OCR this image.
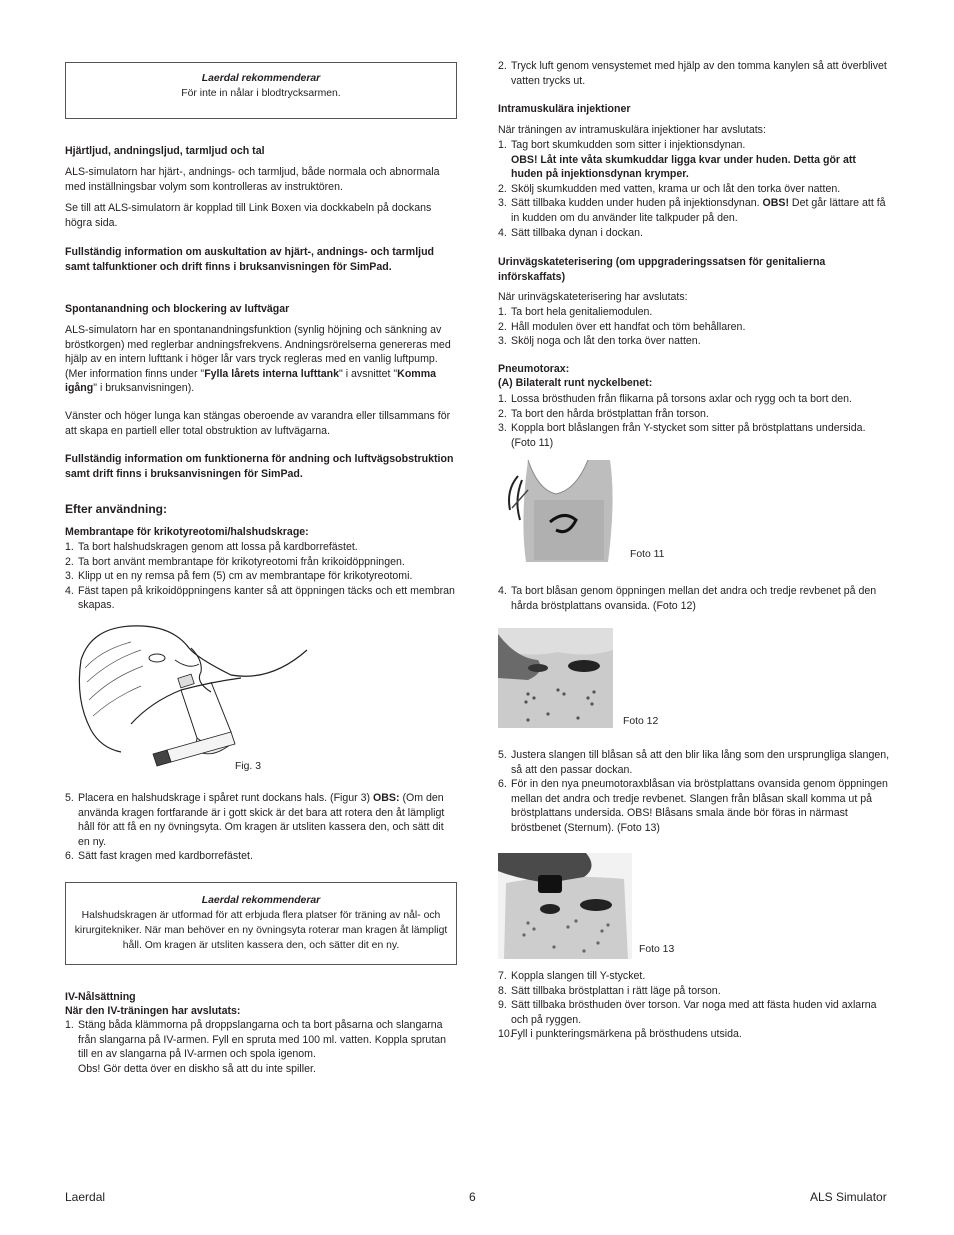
Laerdal rekommenderar
För inte in nålar i blodtrycksarmen.
Hjärtljud, andningsljud, tarmljud och tal

ALS-simulatorn har hjärt-, andnings- och tarmljud, både normala och abnormala med inställningsbar volym som kontrolleras av instruktören.

Se till att ALS-simulatorn är kopplad till Link Boxen via dockkabeln på dockans högra sida.

Fullständig information om auskultation av hjärt-, andnings- och tarmljud samt talfunktioner och drift finns i bruksanvisningen för SimPad.

Spontanandning och blockering av luftvägar

ALS-simulatorn har en spontanandningsfunktion (synlig höjning och sänkning av bröstkorgen) med reglerbar andningsfrekvens. Andningsrörelserna genereras med hjälp av en intern lufttank i höger lår vars tryck regleras med en vanlig luftpump. (Mer information finns under "Fylla lårets interna lufttank" i avsnittet "Komma igång" i bruksanvisningen).

Vänster och höger lunga kan stängas oberoende av varandra eller tillsammans för att skapa en partiell eller total obstruktion av luftvägarna.

Fullständig information om funktionerna för andning och luftvägsobstruktion samt drift finns i bruksanvisningen för SimPad.

Efter användning:
Membrantape för krikotyreotomi/halshudskrage:
1. Ta bort halshudskragen genom att lossa på kardborrefästet.
2. Ta bort använt membrantape för krikotyreotomi från krikoidöppningen.
3. Klipp ut en ny remsa på fem (5) cm av membrantape för krikotyreotomi.
4. Fäst tapen på krikoidöppningens kanter så att öppningen täcks och ett membran skapas.
Fig. 3
5. Placera en halshudskrage i spåret runt dockans hals. (Figur 3) OBS: (Om den använda kragen fortfarande är i gott skick är det bara att rotera den åt lämpligt håll för att få en ny övningsyta. Om kragen är utsliten kassera den, och sätt dit en ny.
6. Sätt fast kragen med kardborrefästet.
Laerdal rekommenderar
Halshudskragen är utformad för att erbjuda flera platser för träning av nål- och kirurgitekniker. När man behöver en ny övningsyta roterar man kragen åt lämpligt håll. Om kragen är utsliten kassera den, och sätter dit en ny.
IV-Nålsättning
När den IV-träningen har avslutats:
1. Stäng båda klämmorna på droppslangarna och ta bort påsarna och slangarna från slangarna på IV-armen. Fyll en spruta med 100 ml. vatten. Koppla sprutan till en av slangarna på IV-armen och spola igenom.
Obs! Gör detta över en diskho så att du inte spiller.
2. Tryck luft genom vensystemet med hjälp av den tomma kanylen så att överblivet vatten trycks ut.
Intramuskulära injektioner

När träningen av intramuskulära injektioner har avslutats:

1. Tag bort skumkudden som sitter i injektionsdynan.
OBS! Låt inte våta skumkuddar ligga kvar under huden. Detta gör att huden på injektionsdynan krymper.
2. Skölj skumkudden med vatten, krama ur och låt den torka över natten.
3. Sätt tillbaka kudden under huden på injektionsdynan. OBS! Det går lättare att få in kudden om du använder lite talkpuder på den.
4. Sätt tillbaka dynan i dockan.
Urinvägskateterisering (om uppgraderingssatsen för genitalierna införskaffats)

När urinvägskateterisering har avslutats:

1. Ta bort hela genitaliemodulen.
2. Håll modulen över ett handfat och töm behållaren.
3. Skölj noga och låt den torka över natten.
Pneumotorax:
(A) Bilateralt runt nyckelbenet:
1. Lossa brösthuden från flikarna på torsons axlar och rygg och ta bort den.
2. Ta bort den hårda bröstplattan från torson.
3. Koppla bort blåslangen från Y-stycket som sitter på bröstplattans undersida. (Foto 11)
Foto 11
4. Ta bort blåsan genom öppningen mellan det andra och tredje revbenet på den hårda bröstplattans ovansida. (Foto 12)
Foto 12
5. Justera slangen till blåsan så att den blir lika lång som den ursprungliga slangen, så att den passar dockan.
6. För in den nya pneumotoraxblåsan via bröstplattans ovansida genom öppningen mellan det andra och tredje revbenet. Slangen från blåsan skall komma ut på bröstplattans undersida. OBS! Blåsans smala ände bör föras in närmast bröstbenet (Sternum). (Foto 13)
Foto 13
7. Koppla slangen till Y-stycket.
8. Sätt tillbaka bröstplattan i rätt läge på torson.
9. Sätt tillbaka brösthuden över torson. Var noga med att fästa huden vid axlarna och på ryggen.
10.
Fyll i punkteringsmärkena på brösthudens utsida.
Laerdal	6	ALS Simulator
